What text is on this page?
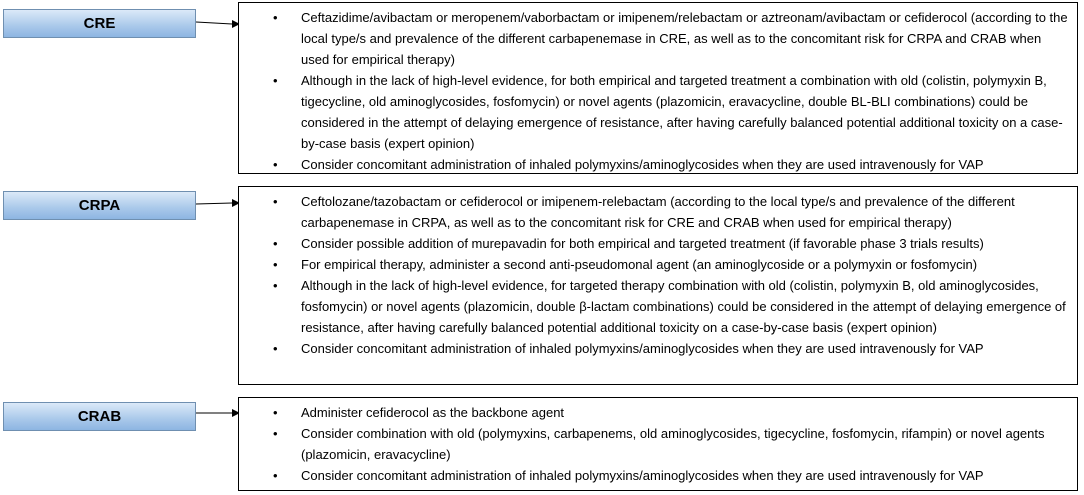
CRE	• Ceftazidime/avibactam or meropenem/vaborbactam or imipenem/relebactam or aztreonam/avibactam or cefiderocol (according to the local type/s and prevalence of the different carbapenemase in CRE, as well as to the concomitant risk for CRPA and CRAB when used for empirical therapy)
• Although in the lack of high-level evidence, for both empirical and targeted treatment a combination with old (colistin, polymyxin B, tigecycline, old aminoglycosides, fosfomycin) or novel agents (plazomicin, eravacycline, double BL-BLI combinations) could be considered in the attempt of delaying emergence of resistance, after having carefully balanced potential additional toxicity on a case-by-case basis (expert opinion)
• Consider concomitant administration of inhaled polymyxins/aminoglycosides when they are used intravenously for VAP
CRPA	• Ceftolozane/tazobactam or cefiderocol or imipenem-relebactam (according to the local type/s and prevalence of the different carbapenemase in CRPA, as well as to the concomitant risk for CRE and CRAB when used for empirical therapy)
• Consider possible addition of murepavadin for both empirical and targeted treatment (if favorable phase 3 trials results)
• For empirical therapy, administer a second anti-pseudomonal agent (an aminoglycoside or a polymyxin or fosfomycin)
• Although in the lack of high-level evidence, for targeted therapy combination with old (colistin, polymyxin B, old aminoglycosides, fosfomycin) or novel agents (plazomicin, double β-lactam combinations) could be considered in the attempt of delaying emergence of resistance, after having carefully balanced potential additional toxicity on a case-by-case basis (expert opinion)
• Consider concomitant administration of inhaled polymyxins/aminoglycosides when they are used intravenously for VAP
CRAB	• Administer cefiderocol as the backbone agent
• Consider combination with old (polymyxins, carbapenems, old aminoglycosides, tigecycline, fosfomycin, rifampin) or novel agents (plazomicin, eravacycline)
• Consider concomitant administration of inhaled polymyxins/aminoglycosides when they are used intravenously for VAP
